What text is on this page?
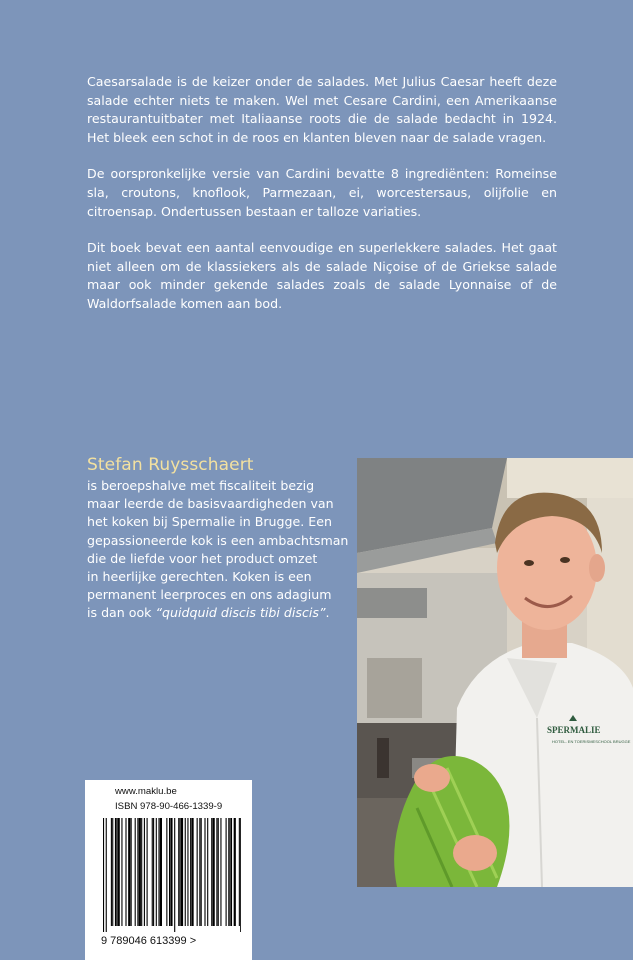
Caesarsalade is de keizer onder de salades. Met Julius Caesar heeft deze salade echter niets te maken. Wel met Cesare Cardini, een Amerikaanse restaurantuitbater met Italiaanse roots die de salade bedacht in 1924. Het bleek een schot in de roos en klanten bleven naar de salade vragen.

De oorspronkelijke versie van Cardini bevatte 8 ingrediënten: Romeinse sla, croutons, knoflook, Parmezaan, ei, worcestersaus, olijfolie en citroensap. Ondertussen bestaan er talloze variaties.

Dit boek bevat een aantal eenvoudige en superlekkere salades. Het gaat niet alleen om de klassiekers als de salade Niçoise of de Griekse salade maar ook minder gekende salades zoals de salade Lyonnaise of de Waldorfsalade komen aan bod.

Stefan Ruysschaert
is beroepshalve met fiscaliteit bezig
maar leerde de basisvaardigheden van
het koken bij Spermalie in Brugge. Een
gepassioneerde kok is een ambachtsman
die de liefde voor het product omzet
in heerlijke gerechten. Koken is een
permanent leerproces en ons adagium
is dan ook “quidquid discis tibi discis”.
SPERMALIE
HOTEL- EN TOERISMESCHOOL BRUGGE
www.maklu.be
ISBN 978-90-466-1339-9
9 789046 613399 >
